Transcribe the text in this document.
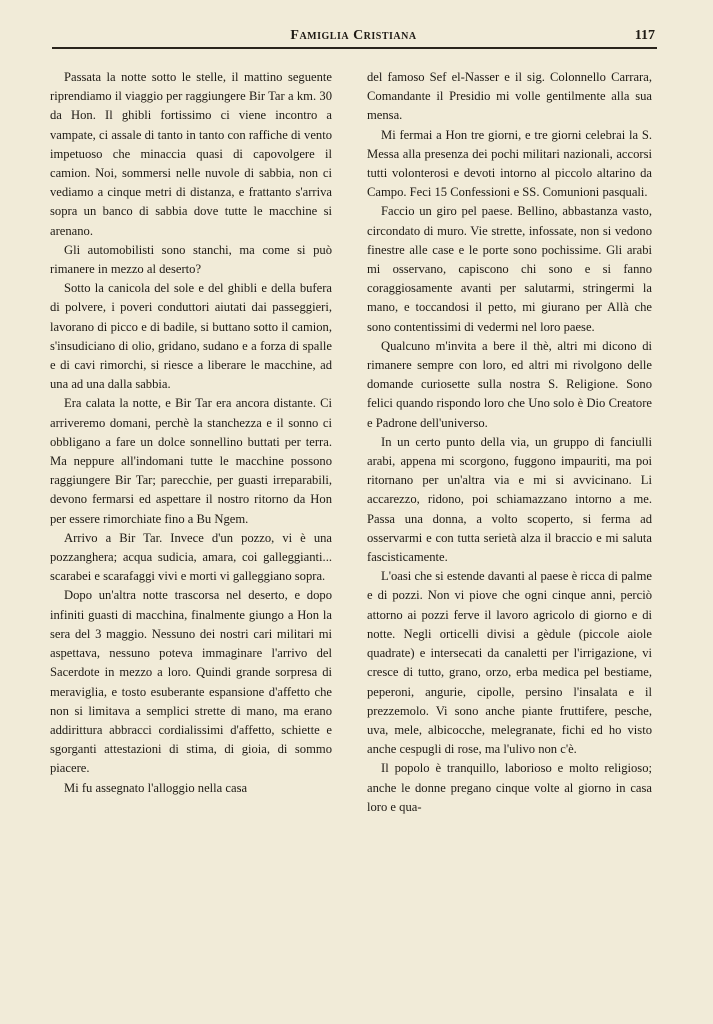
Famiglia Cristiana	117

Passata la notte sotto le stelle, il mattino seguente riprendiamo il viaggio per raggiungere Bir Tar a km. 30 da Hon. Il ghibli fortissimo ci viene incontro a vampate, ci assale di tanto in tanto con raffiche di vento impetuoso che minaccia quasi di capovolgere il camion. Noi, sommersi nelle nuvole di sabbia, non ci vediamo a cinque metri di distanza, e frattanto s'arriva sopra un banco di sabbia dove tutte le macchine si arenano.

Gli automobilisti sono stanchi, ma come si può rimanere in mezzo al deserto?

Sotto la canicola del sole e del ghibli e della bufera di polvere, i poveri conduttori aiutati dai passeggieri, lavorano di picco e di badile, si buttano sotto il camion, s'insudiciano di olio, gridano, sudano e a forza di spalle e di cavi rimorchi, si riesce a liberare le macchine, ad una ad una dalla sabbia.

Era calata la notte, e Bir Tar era ancora distante. Ci arriveremo domani, perchè la stanchezza e il sonno ci obbligano a fare un dolce sonnellino buttati per terra. Ma neppure all'indomani tutte le macchine possono raggiungere Bir Tar; parecchie, per guasti irreparabili, devono fermarsi ed aspettare il nostro ritorno da Hon per essere rimorchiate fino a Bu Ngem.

Arrivo a Bir Tar. Invece d'un pozzo, vi è una pozzanghera; acqua sudicia, amara, coi galleggianti... scarabei e scarafaggi vivi e morti vi galleggiano sopra.

Dopo un'altra notte trascorsa nel deserto, e dopo infiniti guasti di macchina, finalmente giungo a Hon la sera del 3 maggio. Nessuno dei nostri cari militari mi aspettava, nessuno poteva immaginare l'arrivo del Sacerdote in mezzo a loro. Quindi grande sorpresa di meraviglia, e tosto esuberante espansione d'affetto che non si limitava a semplici strette di mano, ma erano addirittura abbracci cordialissimi d'affetto, schiette e sgorganti attestazioni di stima, di gioia, di sommo piacere.

Mi fu assegnato l'alloggio nella casa

del famoso Sef el-Nasser e il sig. Colonnello Carrara, Comandante il Presidio mi volle gentilmente alla sua mensa.

Mi fermai a Hon tre giorni, e tre giorni celebrai la S. Messa alla presenza dei pochi militari nazionali, accorsi tutti volonterosi e devoti intorno al piccolo altarino da Campo. Feci 15 Confessioni e SS. Comunioni pasquali.

Faccio un giro pel paese. Bellino, abbastanza vasto, circondato di muro. Vie strette, infossate, non si vedono finestre alle case e le porte sono pochissime. Gli arabi mi osservano, capiscono chi sono e si fanno coraggiosamente avanti per salutarmi, stringermi la mano, e toccandosi il petto, mi giurano per Allà che sono contentissimi di vedermi nel loro paese.

Qualcuno m'invita a bere il thè, altri mi dicono di rimanere sempre con loro, ed altri mi rivolgono delle domande curiosette sulla nostra S. Religione. Sono felici quando rispondo loro che Uno solo è Dio Creatore e Padrone dell'universo.

In un certo punto della via, un gruppo di fanciulli arabi, appena mi scorgono, fuggono impauriti, ma poi ritornano per un'altra via e mi si avvicinano. Li accarezzo, ridono, poi schiamazzano intorno a me. Passa una donna, a volto scoperto, si ferma ad osservarmi e con tutta serietà alza il braccio e mi saluta fascisticamente.

L'oasi che si estende davanti al paese è ricca di palme e di pozzi. Non vi piove che ogni cinque anni, perciò attorno ai pozzi ferve il lavoro agricolo di giorno e di notte. Negli orticelli divisi a gèdule (piccole aiole quadrate) e intersecati da canaletti per l'irrigazione, vi cresce di tutto, grano, orzo, erba medica pel bestiame, peperoni, angurie, cipolle, persino l'insalata e il prezzemolo. Vi sono anche piante fruttifere, pesche, uva, mele, albicocche, melegranate, fichi ed ho visto anche cespugli di rose, ma l'ulivo non c'è.

Il popolo è tranquillo, laborioso e molto religioso; anche le donne pregano cinque volte al giorno in casa loro e qua-
